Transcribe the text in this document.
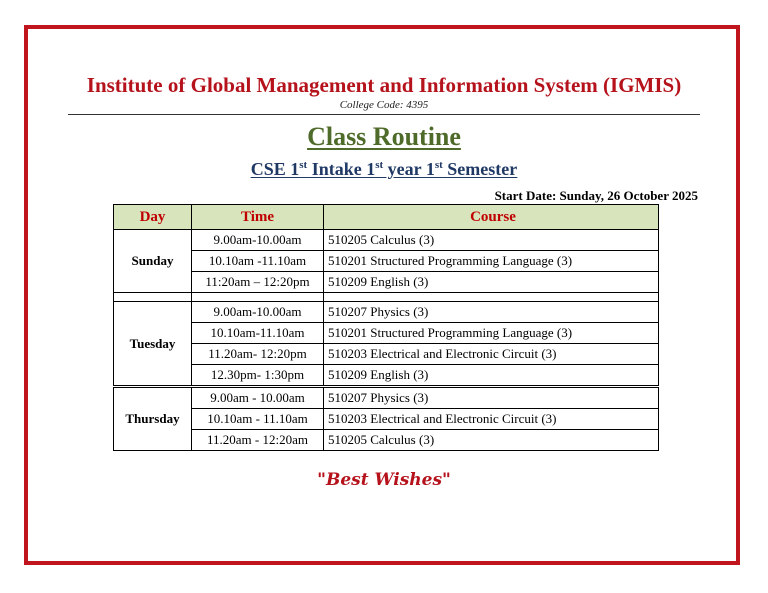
Institute of Global Management and Information System (IGMIS)
College Code: 4395
Class Routine
CSE 1st Intake 1st year 1st Semester
Start Date: Sunday, 26 October 2025
Day	Time	Course
Sunday	9.00am-10.00am	510205 Calculus (3)
	10.10am -11.10am	510201 Structured Programming Language (3)
	11:20am – 12:20pm	510209 English (3)

Tuesday	9.00am-10.00am	510207 Physics (3)
	10.10am-11.10am	510201 Structured Programming Language (3)
	11.20am- 12:20pm	510203 Electrical and Electronic Circuit (3)
	12.30pm- 1:30pm	510209 English (3)
Thursday	9.00am - 10.00am	510207 Physics (3)
	10.10am - 11.10am	510203 Electrical and Electronic Circuit (3)
	11.20am - 12:20am	510205 Calculus (3)
"Best Wishes"
